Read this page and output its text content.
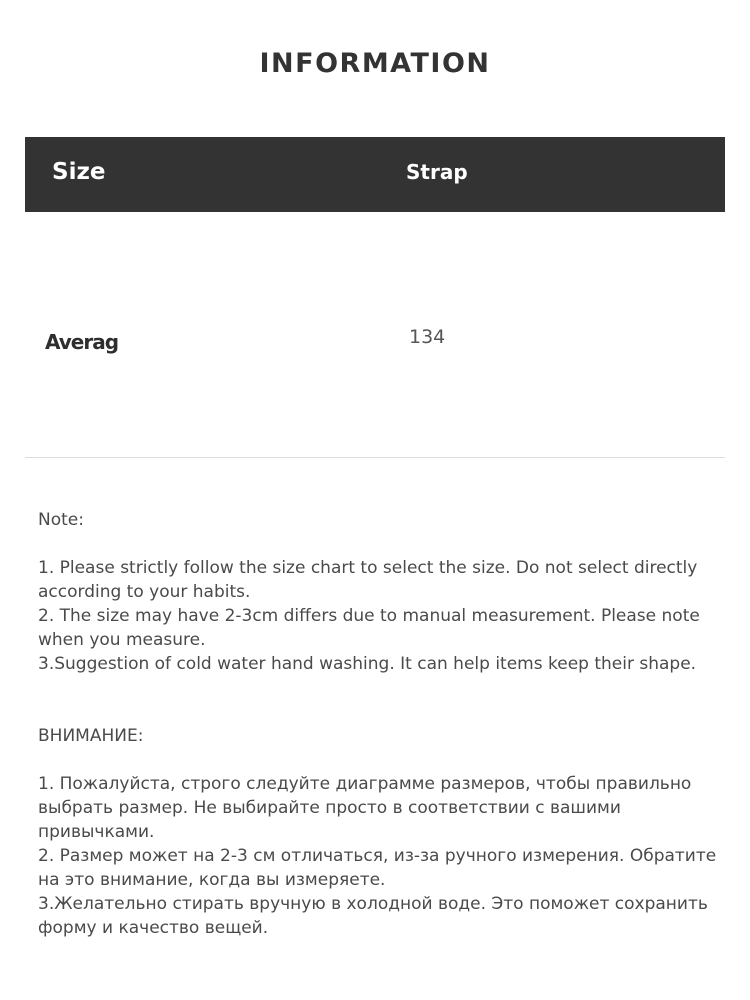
INFORMATION
Size	Strap
Averag	134

Note:

1. Please strictly follow the size chart to select the size. Do not select directly according to your habits.

2. The size may have 2-3cm differs due to manual measurement. Please note when you measure.

3.Suggestion of cold water hand washing. It can help items keep their shape.

ВНИМАНИЕ:

1. Пожалуйста, строго следуйте диаграмме размеров, чтобы правильно выбрать размер. Не выбирайте просто в соответствии с вашими привычками.

2. Размер может на 2-3 см отличаться, из-за ручного измерения. Обратите на это внимание, когда вы измеряете.

3.Желательно стирать вручную в холодной воде. Это поможет сохранить форму и качество вещей.
